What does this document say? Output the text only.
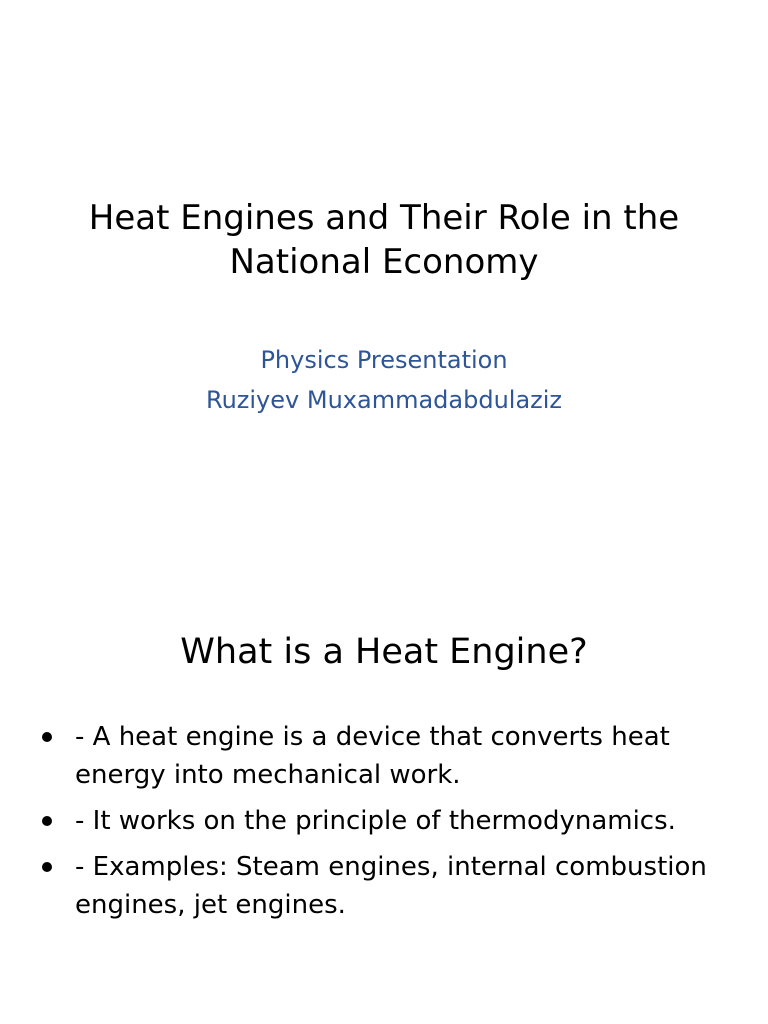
Heat Engines and Their Role in the National Economy
Physics Presentation
Ruziyev Muxammadabdulaziz
What is a Heat Engine?
- A heat engine is a device that converts heat energy into mechanical work.
- It works on the principle of thermodynamics.
- Examples: Steam engines, internal combustion engines, jet engines.
